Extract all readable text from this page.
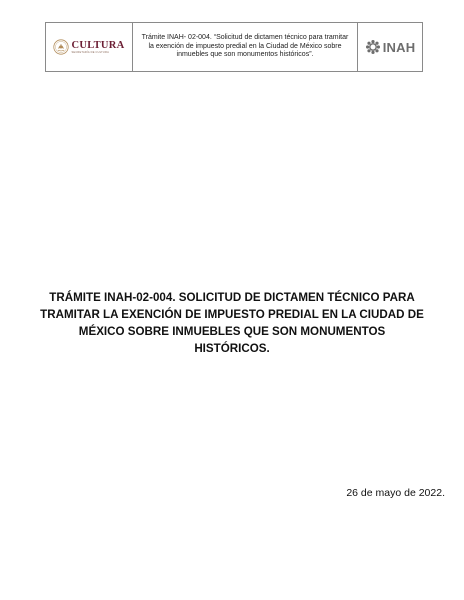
CULTURA
SECRETARÍA DE CULTURA

Trámite INAH- 02-004. “Solicitud de dictamen técnico para tramitar la exención de impuesto predial en la Ciudad de México sobre inmuebles que son monumentos históricos”.

INAH
TRÁMITE INAH-02-004. SOLICITUD DE DICTAMEN TÉCNICO PARA TRAMITAR LA EXENCIÓN DE IMPUESTO PREDIAL EN LA CIUDAD DE MÉXICO SOBRE INMUEBLES QUE SON MONUMENTOS HISTÓRICOS.

26 de mayo de 2022.
